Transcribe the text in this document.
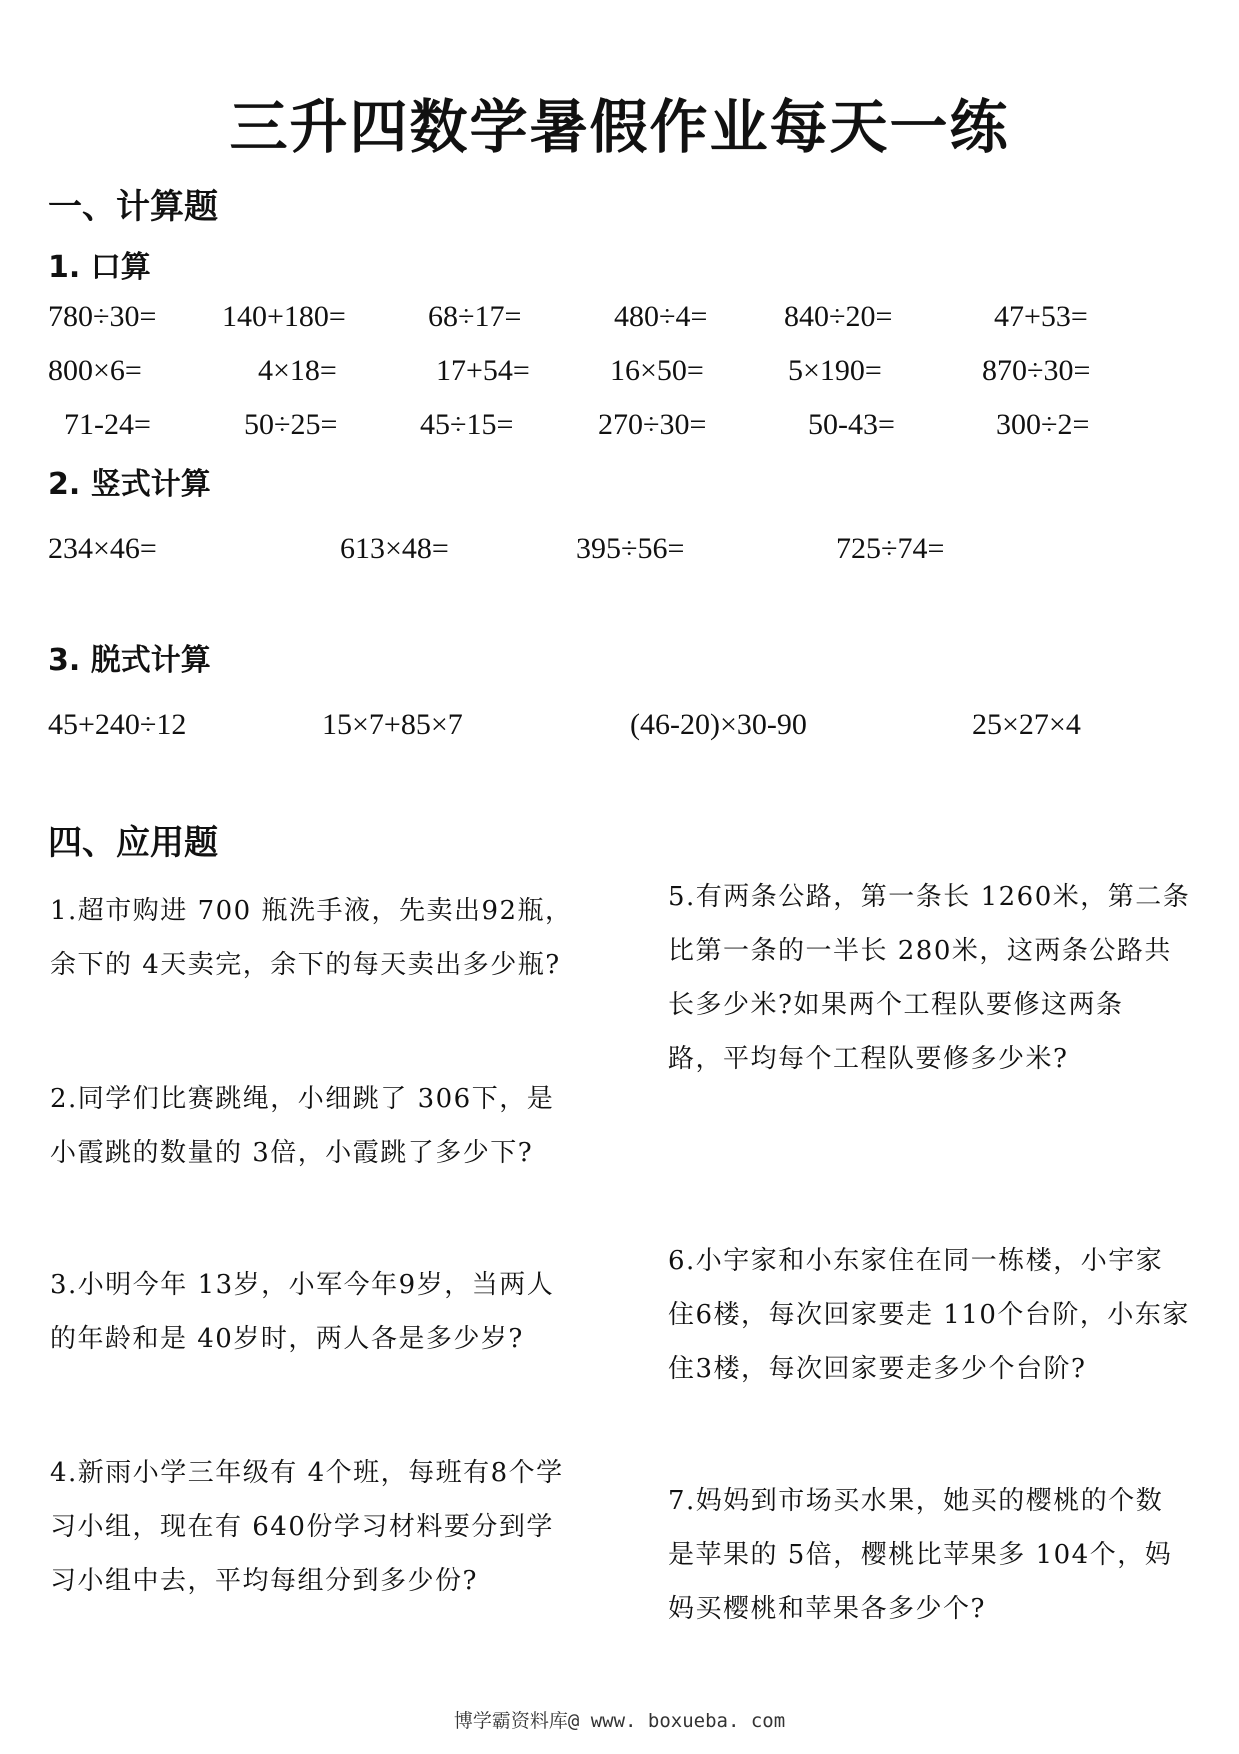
三升四数学暑假作业每天一练
一、计算题
1. 口算
780÷30= 140+180=	68÷17=	480÷4=	840÷20=	47+53=
800×6=	4×18=	17+54=	16×50=	5×190=	870÷30=
71-24=	50÷25=	45÷15=	270÷30=	50-43=	300÷2=
2. 竖式计算
234×46=	613×48=	395÷56=	725÷74=
3. 脱式计算
45+240÷12	15×7+85×7	(46-20)×30-90	25×27×4
四、应用题
1.超市购进 700 瓶洗手液，先卖出92瓶，
余下的 4天卖完，余下的每天卖出多少瓶?
2.同学们比赛跳绳，小细跳了 306下，是
小霞跳的数量的 3倍，小霞跳了多少下?
3.小明今年 13岁，小军今年9岁，当两人
的年龄和是 40岁时，两人各是多少岁?
4.新雨小学三年级有 4个班，每班有8个学
习小组，现在有 640份学习材料要分到学
习小组中去，平均每组分到多少份?
5.有两条公路，第一条长 1260米，第二条
比第一条的一半长 280米，这两条公路共
长多少米?如果两个工程队要修这两条
路，平均每个工程队要修多少米?
6.小宇家和小东家住在同一栋楼，小宇家
住6楼，每次回家要走 110个台阶，小东家
住3楼，每次回家要走多少个台阶?
7.妈妈到市场买水果，她买的樱桃的个数
是苹果的 5倍，樱桃比苹果多 104个，妈
妈买樱桃和苹果各多少个?
博学霸资料库@ www. boxueba. com
